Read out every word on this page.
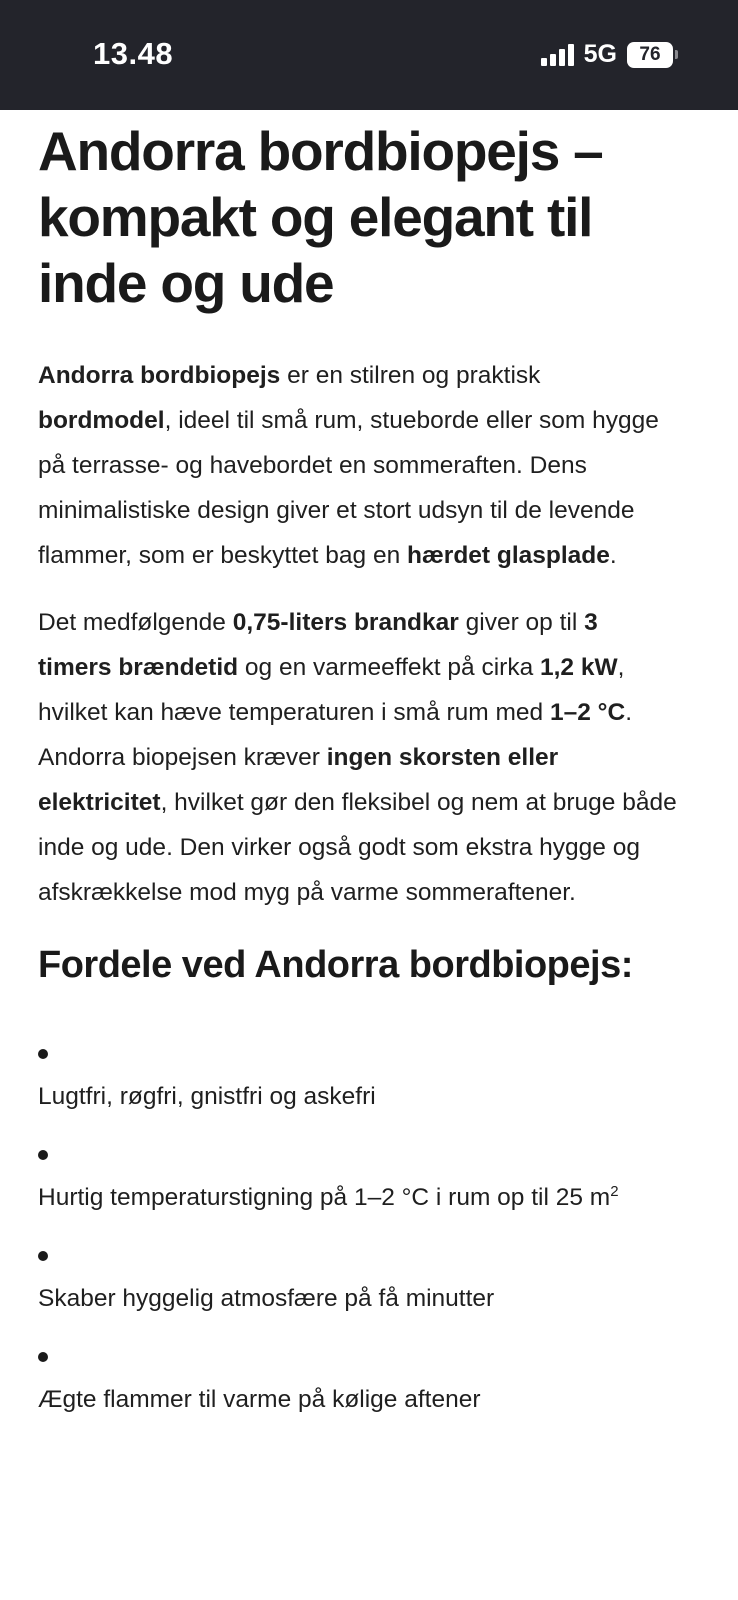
13.48	5G	76
Andorra bordbiopejs – kompakt og elegant til inde og ude

Andorra bordbiopejs er en stilren og praktisk bordmodel, ideel til små rum, stueborde eller som hygge på terrasse- og havebordet en sommeraften. Dens minimalistiske design giver et stort udsyn til de levende flammer, som er beskyttet bag en hærdet glasplade.

Det medfølgende 0,75-liters brandkar giver op til 3 timers brændetid og en varmeeffekt på cirka 1,2 kW, hvilket kan hæve temperaturen i små rum med 1–2 °C. Andorra biopejsen kræver ingen skorsten eller elektricitet, hvilket gør den fleksibel og nem at bruge både inde og ude. Den virker også godt som ekstra hygge og afskrækkelse mod myg på varme sommeraftener.

Fordele ved Andorra bordbiopejs:
Lugtfri, røgfri, gnistfri og askefri
Hurtig temperaturstigning på 1–2 °C i rum op til 25 $m^2$
Skaber hyggelig atmosfære på få minutter
Ægte flammer til varme på kølige aftener
